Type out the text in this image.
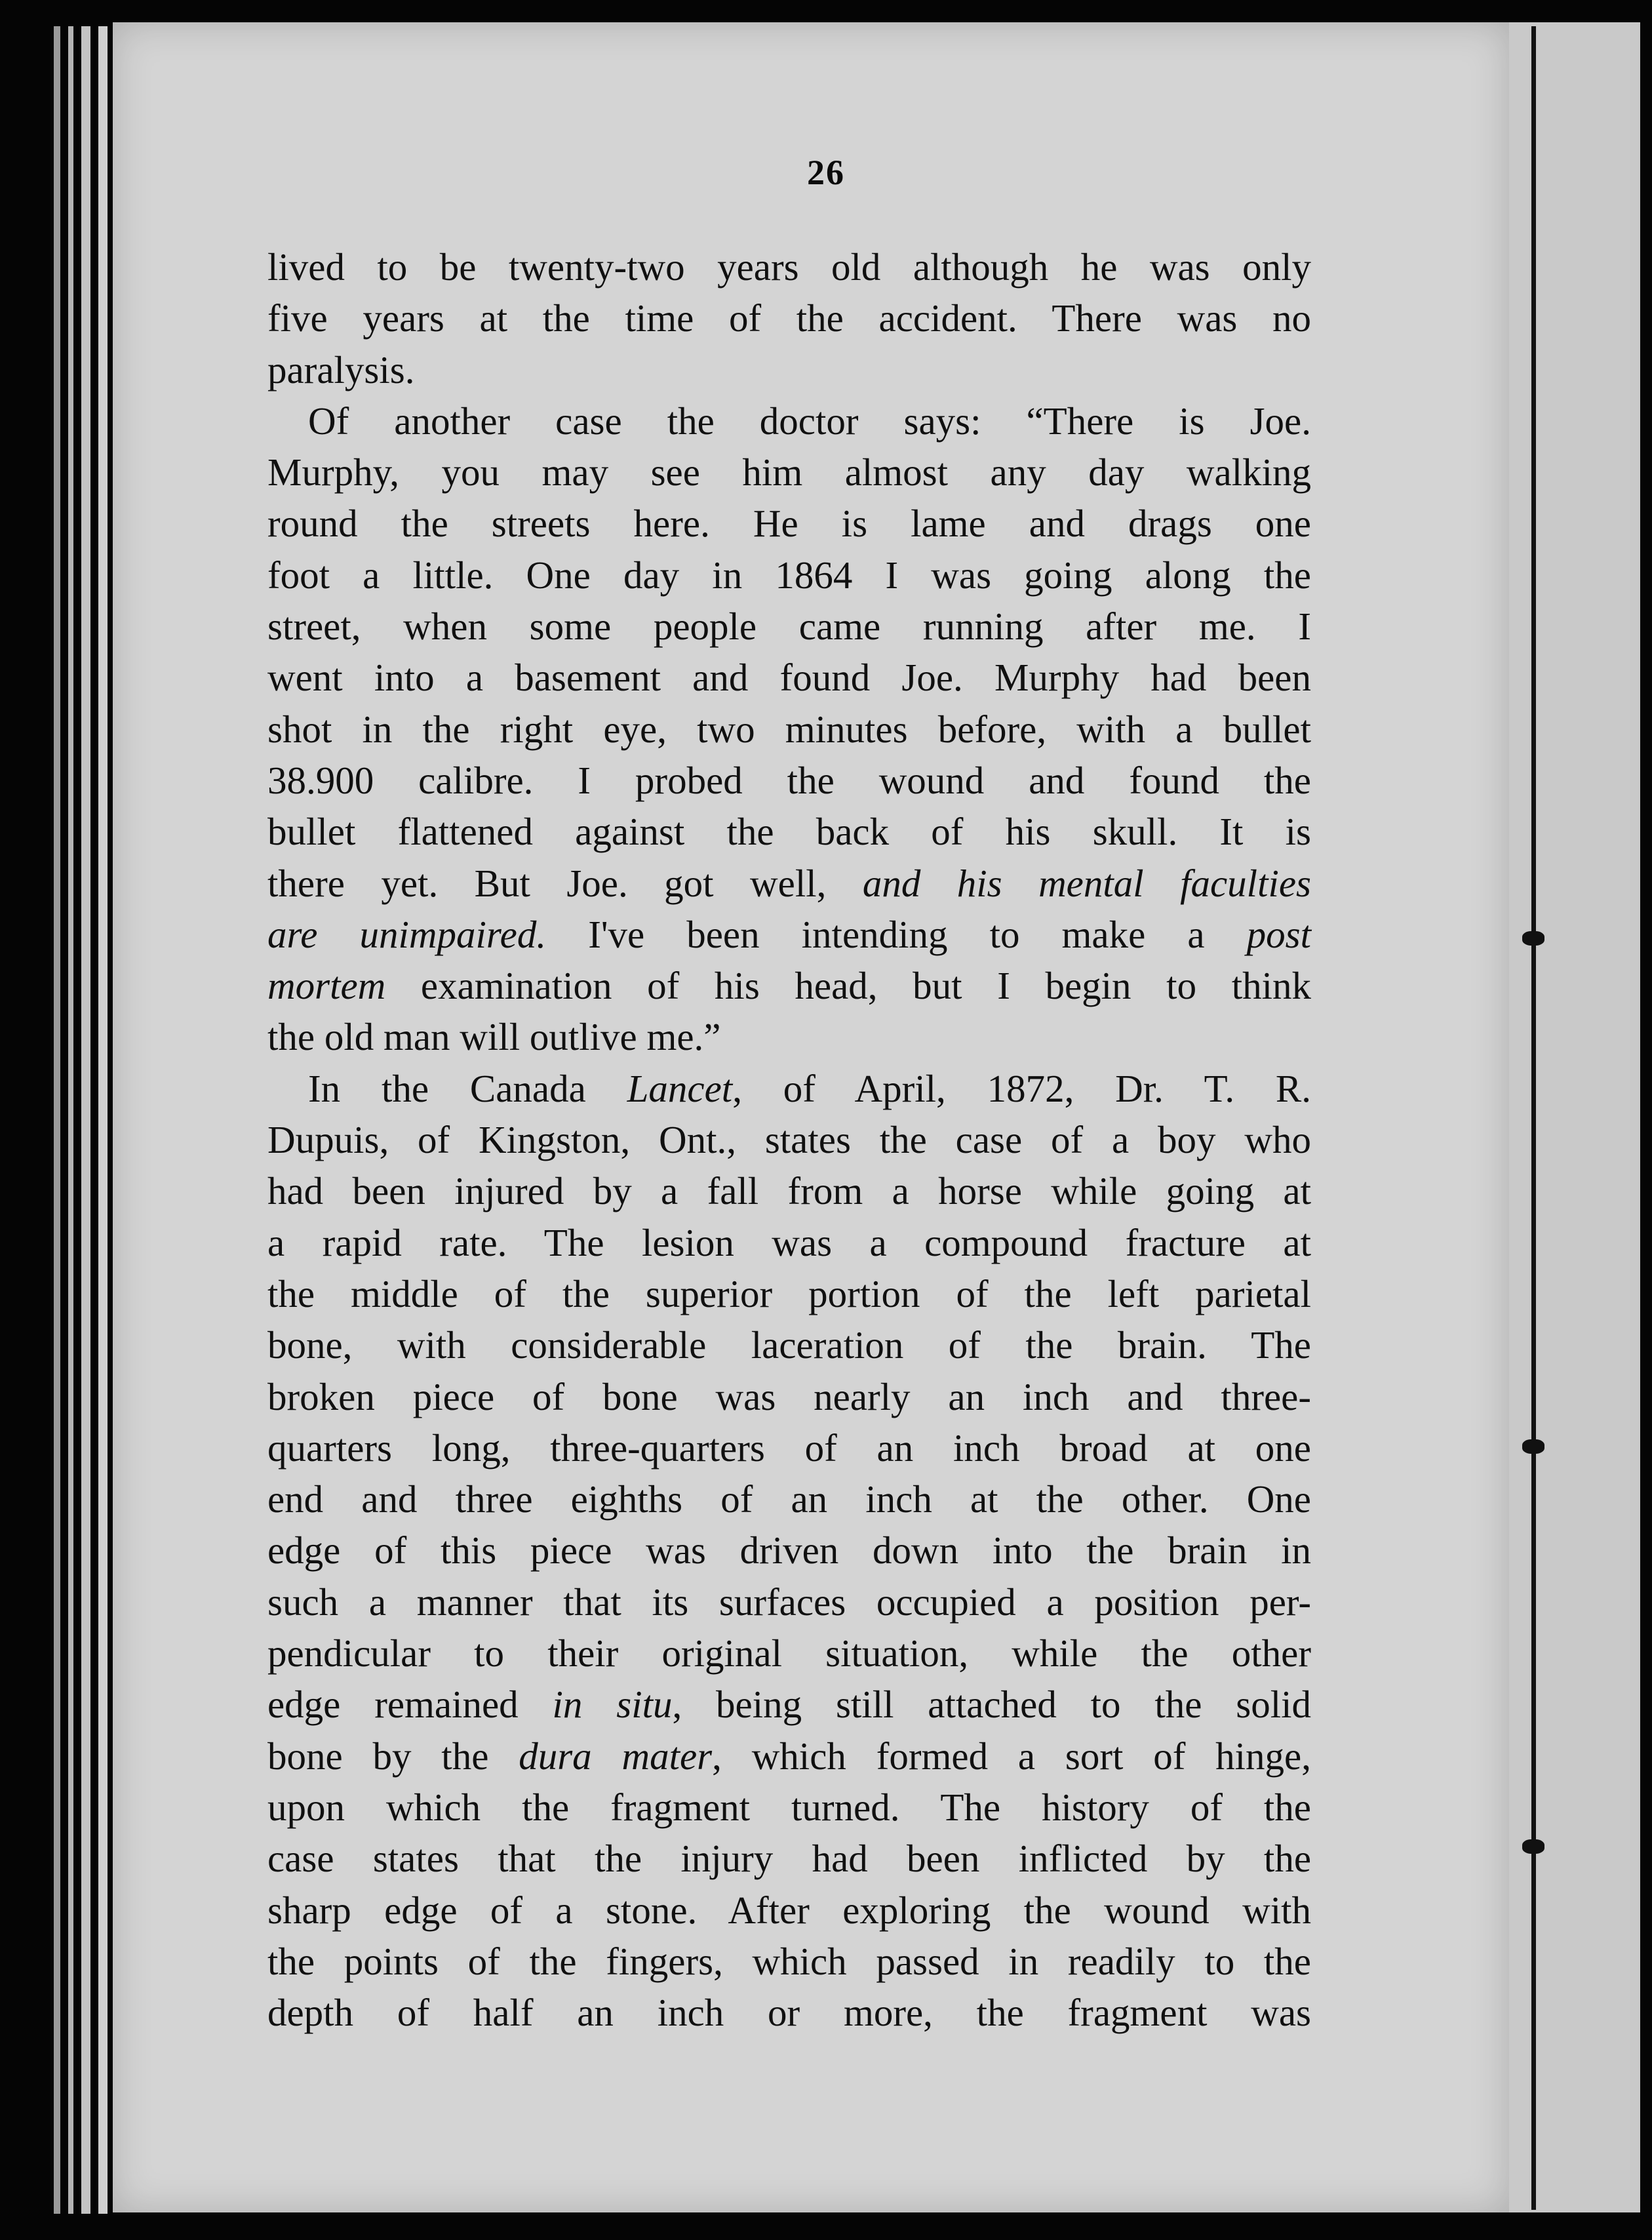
26
lived to be twenty-two years old although he was only
five years at the time of the accident. There was no
paralysis.
Of another case the doctor says: “There is Joe.
Murphy, you may see him almost any day walking
round the streets here. He is lame and drags one
foot a little. One day in 1864 I was going along the
street, when some people came running after me. I
went into a basement and found Joe. Murphy had been
shot in the right eye, two minutes before, with a bullet
38.900 calibre. I probed the wound and found the
bullet flattened against the back of his skull. It is
there yet. But Joe. got well, and his mental faculties
are unimpaired. I've been intending to make a post
mortem examination of his head, but I begin to think
the old man will outlive me.”
In the Canada Lancet, of April, 1872, Dr. T. R.
Dupuis, of Kingston, Ont., states the case of a boy who
had been injured by a fall from a horse while going at
a rapid rate. The lesion was a compound fracture at
the middle of the superior portion of the left parietal
bone, with considerable laceration of the brain. The
broken piece of bone was nearly an inch and three-
quarters long, three-quarters of an inch broad at one
end and three eighths of an inch at the other. One
edge of this piece was driven down into the brain in
such a manner that its surfaces occupied a position per-
pendicular to their original situation, while the other
edge remained in situ, being still attached to the solid
bone by the dura mater, which formed a sort of hinge,
upon which the fragment turned. The history of the
case states that the injury had been inflicted by the
sharp edge of a stone. After exploring the wound with
the points of the fingers, which passed in readily to the
depth of half an inch or more, the fragment was
